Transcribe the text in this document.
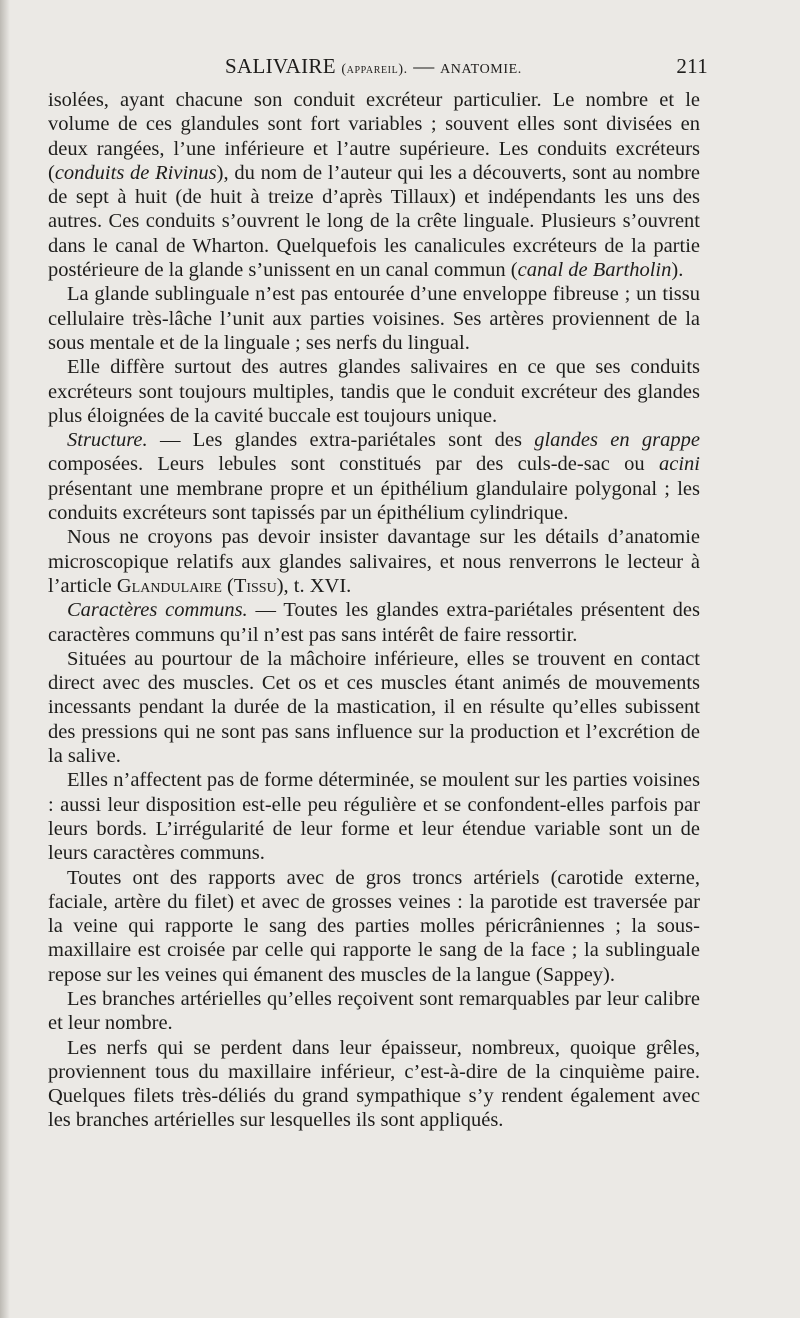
SALIVAIRE (appareil). — ANATOMIE.	211

isolées, ayant chacune son conduit excréteur particulier. Le nombre et le volume de ces glandules sont fort variables ; souvent elles sont divisées en deux rangées, l’une inférieure et l’autre supérieure. Les conduits excréteurs (conduits de Rivinus), du nom de l’auteur qui les a découverts, sont au nombre de sept à huit (de huit à treize d’après Tillaux) et indépendants les uns des autres. Ces conduits s’ouvrent le long de la crête linguale. Plusieurs s’ouvrent dans le canal de Wharton. Quelquefois les canalicules excréteurs de la partie postérieure de la glande s’unissent en un canal commun (canal de Bartholin).

La glande sublinguale n’est pas entourée d’une enveloppe fibreuse ; un tissu cellulaire très-lâche l’unit aux parties voisines. Ses artères proviennent de la sous mentale et de la linguale ; ses nerfs du lingual.

Elle diffère surtout des autres glandes salivaires en ce que ses conduits excréteurs sont toujours multiples, tandis que le conduit excréteur des glandes plus éloignées de la cavité buccale est toujours unique.

Structure. — Les glandes extra-pariétales sont des glandes en grappe composées. Leurs lebules sont constitués par des culs-de-sac ou acini présentant une membrane propre et un épithélium glandulaire polygonal ; les conduits excréteurs sont tapissés par un épithélium cylindrique.

Nous ne croyons pas devoir insister davantage sur les détails d’anatomie microscopique relatifs aux glandes salivaires, et nous renverrons le lecteur à l’article Glandulaire (Tissu), t. XVI.

Caractères communs. — Toutes les glandes extra-pariétales présentent des caractères communs qu’il n’est pas sans intérêt de faire ressortir.

Situées au pourtour de la mâchoire inférieure, elles se trouvent en contact direct avec des muscles. Cet os et ces muscles étant animés de mouvements incessants pendant la durée de la mastication, il en résulte qu’elles subissent des pressions qui ne sont pas sans influence sur la production et l’excrétion de la salive.

Elles n’affectent pas de forme déterminée, se moulent sur les parties voisines : aussi leur disposition est-elle peu régulière et se confondent-elles parfois par leurs bords. L’irrégularité de leur forme et leur étendue variable sont un de leurs caractères communs.

Toutes ont des rapports avec de gros troncs artériels (carotide externe, faciale, artère du filet) et avec de grosses veines : la parotide est traversée par la veine qui rapporte le sang des parties molles péricrâniennes ; la sous-maxillaire est croisée par celle qui rapporte le sang de la face ; la sublinguale repose sur les veines qui émanent des muscles de la langue (Sappey).

Les branches artérielles qu’elles reçoivent sont remarquables par leur calibre et leur nombre.

Les nerfs qui se perdent dans leur épaisseur, nombreux, quoique grêles, proviennent tous du maxillaire inférieur, c’est-à-dire de la cinquième paire. Quelques filets très-déliés du grand sympathique s’y rendent également avec les branches artérielles sur lesquelles ils sont appliqués.
